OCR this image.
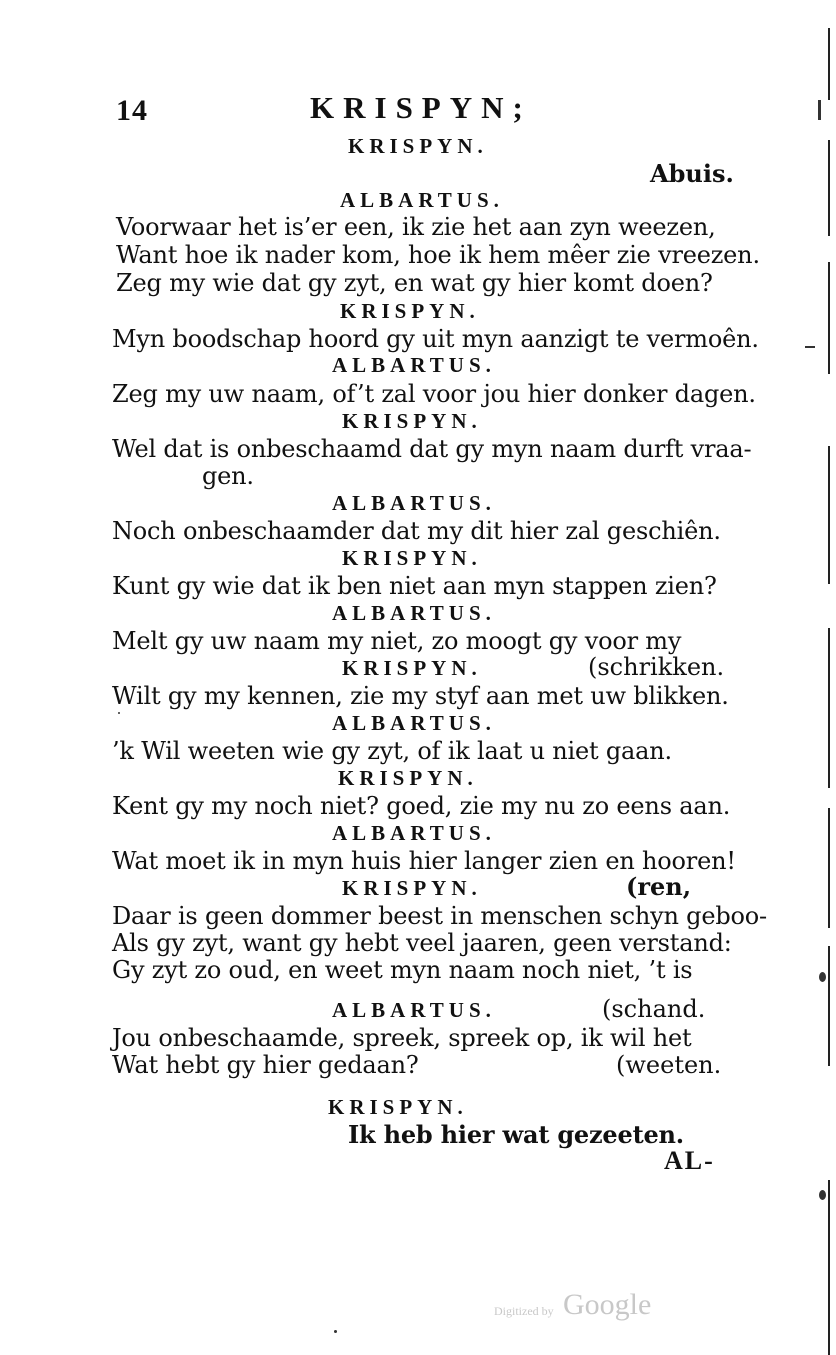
14	KRISPYN;
KRISPYN.
Abuis.
ALBARTUS.
Voorwaar het is’er een, ik zie het aan zyn weezen,
Want hoe ik nader kom, hoe ik hem mêer zie vreezen.
Zeg my wie dat gy zyt, en wat gy hier komt doen?
KRISPYN.
Myn boodschap hoord gy uit myn aanzigt te vermoên.
ALBARTUS.
Zeg my uw naam, of’t zal voor jou hier donker dagen.
KRISPYN.
Wel dat is onbeschaamd dat gy myn naam durft vraa-
gen.
ALBARTUS.
Noch onbeschaamder dat my dit hier zal geschiên.
KRISPYN.
Kunt gy wie dat ik ben niet aan myn stappen zien?
ALBARTUS.
Melt gy uw naam my niet, zo moogt gy voor my
KRISPYN.	(schrikken.
Wilt gy my kennen, zie my styf aan met uw blikken.
ALBARTUS.
’k Wil weeten wie gy zyt, of ik laat u niet gaan.
KRISPYN.
Kent gy my noch niet? goed, zie my nu zo eens aan.
ALBARTUS.
Wat moet ik in myn huis hier langer zien en hooren!
KRISPYN.	(ren,
Daar is geen dommer beest in menschen schyn geboo-
Als gy zyt, want gy hebt veel jaaren, geen verstand:
Gy zyt zo oud, en weet myn naam noch niet, ’t is
ALBARTUS.	(schand.
Jou onbeschaamde, spreek, spreek op, ik wil het
Wat hebt gy hier gedaan?	(weeten.
KRISPYN.
Ik heb hier wat gezeeten.
AL-
Digitized by Google
